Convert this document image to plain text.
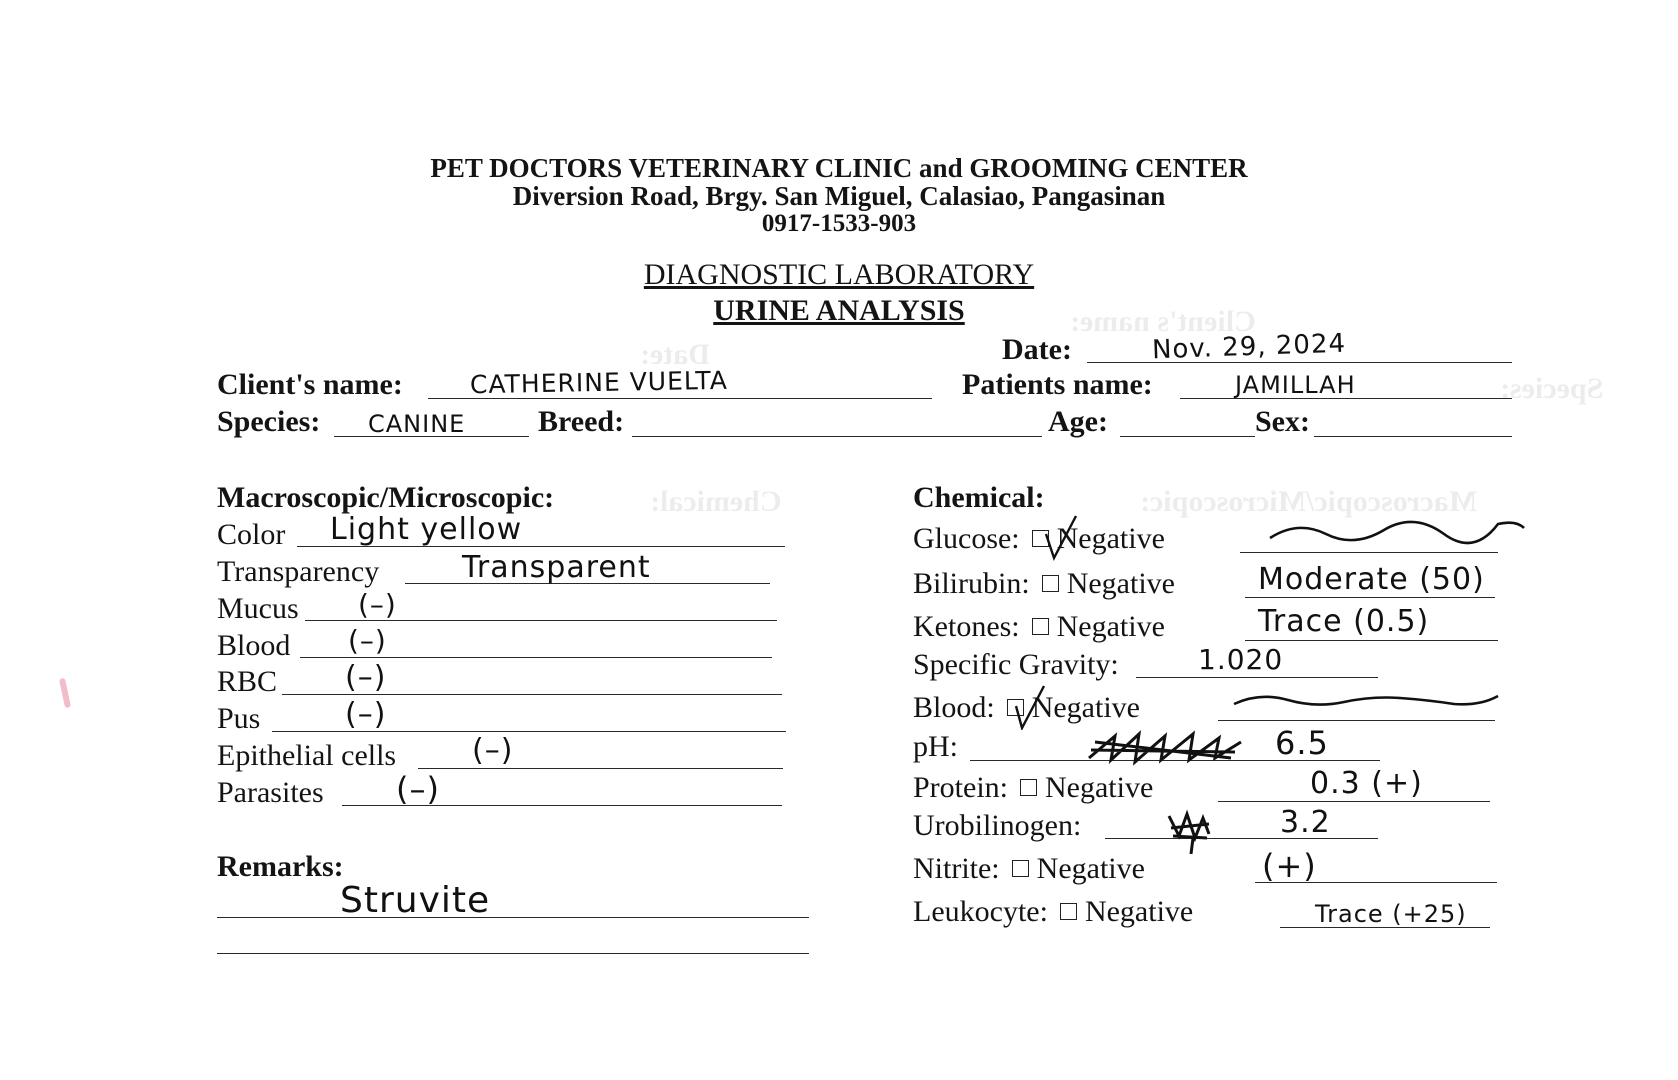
Client's name:
Species:
Macroscopic/Microscopic:
Chemical:
Date:
PET DOCTORS VETERINARY CLINIC and GROOMING CENTER
Diversion Road, Brgy. San Miguel, Calasiao, Pangasinan
0917-1533-903
DIAGNOSTIC LABORATORY
URINE ANALYSIS
Date:	Nov. 29, 2024
Client's name:	CATHERINE VUELTA	Patients name:	JAMILLAH
Species: CANINE Breed:	Age:	Sex:
Macroscopic/Microscopic:
Color Light yellow
Transparency	Transparent
Mucus (–)
Blood (–)
RBC (–)
Pus	(–)
Epithelial cells	(–)
Parasites (–)
Remarks:
Struvite
Chemical:
Glucose: Negative
Bilirubin: Negative	Moderate (50)
Ketones: Negative	Trace (0.5)
Specific Gravity:	1.020
Blood: Negative
pH:	6.5
Protein: Negative	0.3 (+)
Urobilinogen:	3.2
Nitrite: Negative	(+)
Leukocyte: Negative	Trace (+25)
